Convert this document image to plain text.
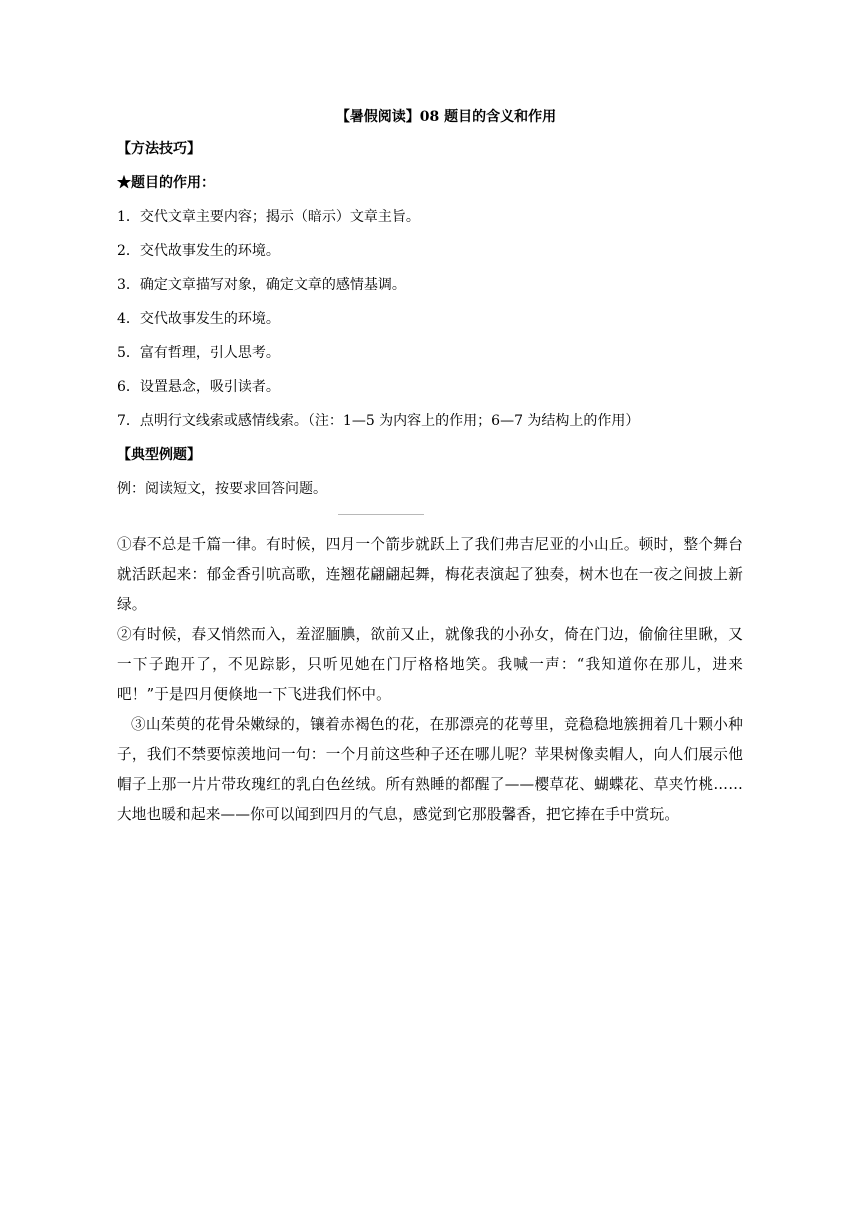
【暑假阅读】08 题目的含义和作用
【方法技巧】
★题目的作用：
1．交代文章主要内容；揭示（暗示）文章主旨。
2．交代故事发生的环境。
3．确定文章描写对象，确定文章的感情基调。
4．交代故事发生的环境。
5．富有哲理，引人思考。
6．设置悬念，吸引读者。
7．点明行文线索或感情线索。（注：1—5 为内容上的作用；6—7 为结构上的作用）
【典型例题】
例：阅读短文，按要求回答问题。

①春不总是千篇一律。有时候，四月一个箭步就跃上了我们弗吉尼亚的小山丘。顿时，整个舞台就活跃起来：郁金香引吭高歌，连翘花翩翩起舞，梅花表演起了独奏，树木也在一夜之间披上新绿。

②有时候，春又悄然而入，羞涩腼腆，欲前又止，就像我的小孙女，倚在门边，偷偷往里瞅，又一下子跑开了，不见踪影，只听见她在门厅格格地笑。我喊一声：“我知道你在那儿，进来吧！”于是四月便倏地一下飞进我们怀中。

③山茱萸的花骨朵嫩绿的，镶着赤褐色的花，在那漂亮的花萼里，竞稳稳地簇拥着几十颗小种子，我们不禁要惊羡地问一句：一个月前这些种子还在哪儿呢？苹果树像卖帽人，向人们展示他帽子上那一片片带玫瑰红的乳白色丝绒。所有熟睡的都醒了——樱草花、蝴蝶花、草夹竹桃……大地也暖和起来——你可以闻到四月的气息，感觉到它那股馨香，把它捧在手中赏玩。
